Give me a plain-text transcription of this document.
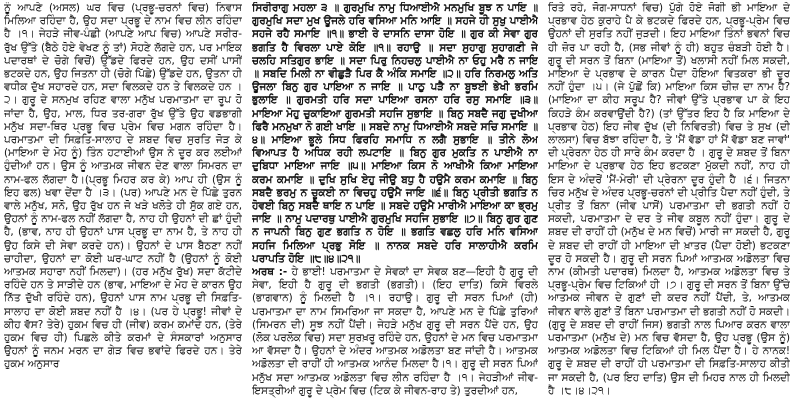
ਨੂੰ ਆਪਣੇ (ਅਸਲ) ਘਰ ਵਿਚ (ਪ੍ਰਭੂ-ਚਰਨਾਂ ਵਿਚ) ਨਿਵਾਸ ਮਿਲਿਆ ਰਹਿੰਦਾ ਹੈ, ਉਹ ਸਦਾ ਪ੍ਰਭੂ ਦੇ ਨਾਮ ਵਿਚ ਲੀਨ ਰਹਿੰਦਾ ਹੈ ।੧। ਜੇਹੜੇ ਜੀਵ-ਪੰਛੀ (ਆਪਣੇ ਆਪ ਵਿਚ) ਆਪਣੇ ਸਰੀਰ-ਰੁੱਖ ਉੱਤੇ (ਬੈਠੇ ਹੋਏ ਵੇਖਣ ਨੂੰ ਤਾਂ) ਸੋਹਣੇ ਲੱਗਦੇ ਹਨ, ਪਰ ਮਾਇਕ ਪਦਾਰਥਾਂ ਦੇ ਚੋਗੇ ਵਿਚੋਂ) ਉੱਡਦੇ ਫਿਰਦੇ ਹਨ, ਉਹ ਦਸੀਂ ਪਾਸੀਂ ਭਟਕਦੇ ਹਨ, ਉਹ ਜਿਤਨਾ ਹੀ (ਚੋਗੇ ਪਿੱਛੇ) ਉੱਡਦੇ ਹਨ, ਉਤਨਾ ਹੀ ਵਧੀਕ ਦੁੱਖ ਸਹਾਰਦੇ ਹਨ, ਸਦਾ ਵਿਲਕਦੇ ਹਨ ਤੇ ਵਿਲਕਦੇ ਹਨ ।੨। ਗੁਰੂ ਦੇ ਸਨਮੁਖ ਰਹਿਣ ਵਾਲਾ ਮਨੁੱਖ ਪਰਮਾਤਮਾ ਦਾ ਰੂਪ ਹੋ ਜਾਂਦਾ ਹੈ, ਉਹ, ਮਾਲ, ਧਿਰ ਤਰ-ਗਰਾ ਰੁੱਖ ਉੱਤੇ ਉਹ ਵਡਭਾਗੀ ਮਨੁੱਖ ਸਦਾ-ਥਿਰ ਪ੍ਰਭੂ ਵਿਚ ਪ੍ਰੇਮ ਵਿਚ ਮਗਨ ਰਹਿੰਦਾ ਹੈ। ਪਰਮਾਤਮਾ ਦੀ ਸਿਫ਼ਤਿ-ਸਾਲਾਹ ਦੇ ਸ਼ਬਦ ਵਿਚ ਸੁਰਤਿ ਜੋੜ ਕੇ (ਮਾਇਆ ਦੇ ਮੋਹ ਨੂੰ) ਤਿੰਨ ਹਟਾਈਆਂ ਉਸ ਨੇ ਦੂਰ ਕਰ ਲਈਆਂ ਹੁੰਦੀਆਂ ਹਨ। ਉਸ ਨੂੰ ਆਤਮਕ ਜੀਵਨ ਦੇਣ ਵਾਲਾ ਸਿਮਰਨ ਦਾ ਨਾਮ-ਫਲ ਲੱਗਦਾ ਹੈ।(ਪ੍ਰਭੂ ਮਿਹਰ ਕਰ ਕੇ) ਆਪ ਹੀ (ਉਸ ਨੂੰ ਇਹ ਫਲ) ਖਵਾ ਦੇਂਦਾ ਹੈ ।੩। (ਪਰ) ਆਪਣੇ ਮਨ ਦੇ ਪਿੱਛੇ ਤੁਰਨ ਵਾਲੇ ਮਨੁੱਖ, ਸਨੋ, ਉਹ ਰੁੱਖ ਹਨ ਜੋ ਖੜੇ ਖਲੋਤੇ ਹੀ ਸੁੱਕ ਗਏ ਹਨ, ਉਹਨਾਂ ਨੂੰ ਨਾਮ-ਫਲ ਨਹੀਂ ਲੱਗਦਾ ਹੈ, ਨਾਹ ਹੀ ਉਹਨਾਂ ਦੀ ਛਾਂ ਹੁੰਦੀ ਹੈ, (ਭਾਵ, ਨਾਹ ਹੀ ਉਹਨਾਂ ਪਾਸ ਪ੍ਰਭੂ ਦਾ ਨਾਮ ਹੈ, ਤੇ ਨਾਹ ਹੀ ਉਹ ਕਿਸੇ ਦੀ ਸੇਵਾ ਕਰਦੇ ਹਨ)। ਉਹਨਾਂ ਦੇ ਪਾਸ ਬੈਠਣਾ ਨਹੀਂ ਚਾਹੀਦਾ, ਉਹਨਾਂ ਦਾ ਕੋਈ ਘਰ-ਘਾਟ ਨਹੀਂ ਹੈ (ਉਹਨਾਂ ਨੂੰ ਕੋਈ ਆਤਮਕ ਸਹਾਰਾ ਨਹੀਂ ਮਿਲਦਾ)। (ਹਰ ਮਨੁੱਖ ਰੁੱਖ) ਸਦਾ ਕੱਟੀਦੇ ਰਹਿੰਦੇ ਹਨ ਤੇ ਸਾੜੀਦੇ ਹਨ (ਭਾਵ, ਮਾਇਆ ਦੇ ਮੋਹ ਦੇ ਕਾਰਨ ਉਹ ਨਿੱਤ ਦੁੱਖੀ ਰਹਿੰਦੇ ਹਨ), ਉਹਨਾਂ ਪਾਸ ਨਾਮ ਪ੍ਰਭੂ ਦੀ ਸਿਫ਼ਤਿ-ਸਾਲਾਹ ਦਾ ਕੋਈ ਸ਼ਬਦ ਨਹੀਂ ਹੈ ।੪। (ਪਰ ਹੇ ਪ੍ਰਭੂ! ਜੀਵਾਂ ਦੇ ਕੀਹ ਵੱਸ? ਤੇਰੇ) ਹੁਕਮ ਵਿਚ ਹੀ (ਜੀਵ) ਕਰਮ ਕਮਾਂਦੇ ਹਨ, (ਤੇਰੇ ਹੁਕਮ ਵਿਚ ਹੀ) ਪਿਛਲੇ ਕੀਤੇ ਕਰਮਾਂ ਦੇ ਸੰਸਕਾਰਾਂ ਅਨੁਸਾਰ ਉਹਨਾਂ ਨੂੰ ਜਨਮ ਮਰਨ ਦਾ ਗੇੜ ਵਿਚ ਭਵਾਂਦੇ ਫਿਰਦੇ ਹਨ। ਤੇਰੇ ਹੁਕਮ ਅਨੁਸਾਰ

ਸਿਰੀਰਾਗੁ ਮਹਲਾ ੩ ॥ ਗੁਰਮੁਖਿ ਨਾਮੁ ਧਿਆਈਐ ਮਨਮੁਖਿ ਬੂਝ ਨ ਪਾਇ ॥ ਗੁਰਮੁਖਿ ਸਦਾ ਮੁਖ ਊਜਲੇ ਹਰਿ ਵਸਿਆ ਮਨਿ ਆਇ ॥ ਸਹਜੇ ਹੀ ਸੁਖੁ ਪਾਈਐ ਸਹਜੇ ਰਹੈ ਸਮਾਇ ॥੧॥ ਭਾਈ ਰੇ ਦਾਸਨਿ ਦਾਸਾ ਹੋਇ ॥ ਗੁਰ ਕੀ ਸੇਵਾ ਗੁਰ ਭਗਤਿ ਹੈ ਵਿਰਲਾ ਪਾਏ ਕੋਇ ॥੧॥ ਰਹਾਉ ॥ ਸਦਾ ਸੁਹਾਗੁ ਸੁਹਾਗਣੀ ਜੇ ਚਲਹਿ ਸਤਿਗੁਰ ਭਾਇ ॥ ਸਦਾ ਪਿਰੁ ਨਿਹਚਲੁ ਪਾਈਐ ਨਾ ਓਹੁ ਮਰੈ ਨ ਜਾਇ ॥ ਸਬਦਿ ਮਿਲੀ ਨਾ ਵੀਛੁੜੈ ਪਿਰ ਕੈ ਅੰਕਿ ਸਮਾਇ ॥੨॥ ਹਰਿ ਨਿਰਮਲੁ ਅਤਿ ਊਜਲਾ ਬਿਨੁ ਗੁਰ ਪਾਇਆ ਨ ਜਾਇ ॥ ਪਾਠੁ ਪੜੈ ਨਾ ਬੂਝਈ ਭੇਖੀ ਭਰਮਿ ਭੁਲਾਇ ॥ ਗੁਰਮਤੀ ਹਰਿ ਸਦਾ ਪਾਇਆ ਰਸਨਾ ਹਰਿ ਰਸੁ ਸਮਾਇ ॥੩॥ ਮਾਇਆ ਮੋਹੁ ਚੁਕਾਇਆ ਗੁਰਮਤੀ ਸਹਜਿ ਸੁਭਾਇ ॥ ਬਿਨੁ ਸਬਦੈ ਜਗੁ ਦੁਖੀਆ ਫਿਰੈ ਮਨਮੁਖਾ ਨੋ ਗਈ ਖਾਇ ॥ ਸਬਦੇ ਨਾਮੁ ਧਿਆਈਐ ਸਬਦੇ ਸਚਿ ਸਮਾਇ ॥੪॥ ਮਾਇਆ ਭੂਲੇ ਸਿਧ ਫਿਰਹਿ ਸਮਾਧਿ ਨ ਲਗੈ ਸੁਭਾਇ ॥ ਤੀਨੇ ਲੋਅ ਵਿਆਪਤ ਹੈ ਅਧਿਕ ਰਹੀ ਲਪਟਾਇ ॥ ਬਿਨੁ ਗੁਰ ਮੁਕਤਿ ਨ ਪਾਈਐ ਨਾ ਦੁਬਿਧਾ ਮਾਇਆ ਜਾਇ ॥੫॥ ਮਾਇਆ ਕਿਸ ਨੋ ਆਖੀਐ ਕਿਆ ਮਾਇਆ ਕਰਮ ਕਮਾਇ ॥ ਦੁਖਿ ਸੁਖਿ ਏਹੁ ਜੀਉ ਬਧੁ ਹੈ ਹਉਮੈ ਕਰਮ ਕਮਾਇ ॥ ਬਿਨੁ ਸਬਦੈ ਭਰਮੁ ਨ ਚੂਕਈ ਨਾ ਵਿਚਹੁ ਹਉਮੈ ਜਾਇ ॥੬॥ ਬਿਨੁ ਪ੍ਰੀਤੀ ਭਗਤਿ ਨ ਹੋਵਈ ਬਿਨੁ ਸਬਦੈ ਥਾਇ ਨ ਪਾਇ ॥ ਸਬਦੇ ਹਉਮੈ ਮਾਰੀਐ ਮਾਇਆ ਕਾ ਭ੍ਰਮੁ ਜਾਇ ॥ ਨਾਮੁ ਪਦਾਰਥੁ ਪਾਈਐ ਗੁਰਮੁਖਿ ਸਹਜਿ ਸੁਭਾਇ ॥੭॥ ਬਿਨੁ ਗੁਰ ਗੁਣ ਨ ਜਾਪਨੀ ਬਿਨੁ ਗੁਣ ਭਗਤਿ ਨ ਹੋਇ ॥ ਭਗਤਿ ਵਛਲੁ ਹਰਿ ਮਨਿ ਵਸਿਆ ਸਹਜਿ ਮਿਲਿਆ ਪ੍ਰਭੁ ਸੋਇ ॥ ਨਾਨਕ ਸਬਦੇ ਹਰਿ ਸਾਲਾਹੀਐ ਕਰਮਿ ਪਰਾਪਤਿ ਹੋਇ ॥੮॥੪॥੨੧॥

ਅਰਥ :- ਹੇ ਭਾਈ! ਪਰਮਾਤਮਾ ਦੇ ਸੇਵਕਾਂ ਦਾ ਸੇਵਕ ਬਣ—ਇਹੀ ਹੈ ਗੁਰੂ ਦੀ ਸੇਵਾ, ਇਹੀ ਹੈ ਗੁਰੂ ਦੀ ਭਗਤੀ (ਭਗਤੀ)। (ਇਹ ਦਾਤਿ) ਕਿਸੇ ਵਿਰਲੇ (ਭਾਗਵਾਨ) ਨੂੰ ਮਿਲਦੀ ਹੈ ।੧। ਰਹਾਉ। ਗੁਰੂ ਦੀ ਸਰਨ ਪਿਆਂ (ਹੀ) ਪਰਮਾਤਮਾ ਦਾ ਨਾਮ ਸਿਮਰਿਆ ਜਾ ਸਕਦਾ ਹੈ, ਆਪਣੇ ਮਨ ਦੇ ਪਿੱਛੇ ਤੁਰਿਆਂ (ਸਿਮਰਨ ਦੀ) ਸੂਝ ਨਹੀਂ ਪੈਂਦੀ। ਜੇਹੜੇ ਮਨੁੱਖ ਗੁਰੂ ਦੀ ਸਰਨ ਪੈਂਦੇ ਹਨ, ਉਹ (ਲੋਕ ਪਰਲੋਕ ਵਿਚ) ਸਦਾ ਸੁਰਖ਼ਰੂ ਰਹਿੰਦੇ ਹਨ, ਉਹਨਾਂ ਦੇ ਮਨ ਵਿਚ ਪਰਮਾਤਮਾ ਆ ਵੱਸਦਾ ਹੈ। ਉਹਨਾਂ ਦੇ ਅੰਦਰ ਆਤਮਕ ਅਡੋਲਤਾ ਬਣ ਜਾਂਦੀ ਹੈ। ਆਤਮਕ ਅਡੋਲਤਾ ਦੀ ਰਾਹੀਂ ਹੀ ਆਤਮਕ ਆਨੰਦ ਮਿਲਦਾ ਹੈ।੧। ਗੁਰੂ ਦੀ ਸਰਨ ਪਿਆਂ ਮਨੁੱਖ ਸਦਾ ਆਤਮਕ ਅਡੋਲਤਾ ਵਿਚ ਲੀਨ ਰਹਿੰਦਾ ਹੈ ।੧। ਜੇਹੜੀਆਂ ਜੀਵ-ਇਸਤ੍ਰੀਆਂ ਗੁਰੂ ਦੇ ਪ੍ਰੇਮ ਵਿਚ (ਟਿਕ ਕੇ ਜੀਵਨ-ਰਾਹ ਤੇ) ਤੁਰਦੀਆਂ ਹਨ,

ਰਿਤੇ ਰਹੇ, ਜੋਗ-ਸਾਧਨਾਂ ਵਿਚ) ਪੁੱਗੇ ਹੋਏ ਜੋਗੀ ਭੀ ਮਾਇਆ ਦੇ ਪ੍ਰਭਾਵ ਹੇਠ ਕੁਰਾਹੇ ਪੈ ਕੇ ਭਟਕਦੇ ਫਿਰਦੇ ਹਨ, ਪ੍ਰਭੂ-ਪ੍ਰੇਮ ਵਿਚ ਉਹਨਾਂ ਦੀ ਸੁਰਤਿ ਨਹੀਂ ਜੁੜਦੀ। ਇਹ ਮਾਇਆ ਤਿੰਨਾਂ ਭਵਨਾਂ ਵਿਚ ਹੀ ਜ਼ੋਰ ਪਾ ਰਹੀ ਹੈ, (ਸਭ ਜੀਵਾਂ ਨੂੰ ਹੀ) ਬਹੁਤ ਚੰਬੜੀ ਹੋਈ ਹੈ। ਗੁਰੂ ਦੀ ਸਰਨ ਤੋਂ ਬਿਨਾ (ਮਾਇਆ ਤੋਂ) ਖਲਾਸੀ ਨਹੀਂ ਮਿਲ ਸਕਦੀ, ਮਾਇਆ ਦੇ ਪ੍ਰਭਾਵ ਦੇ ਕਾਰਨ ਪੈਦਾ ਹੋਇਆ ਵਿਤਕਰਾ ਭੀ ਦੂਰ ਨਹੀਂ ਹੁੰਦਾ ।੫। (ਜੇ ਪੁੱਛੋਂ ਕਿ) ਮਾਇਆ ਕਿਸ ਚੀਜ਼ ਦਾ ਨਾਮ ਹੈ? (ਮਾਇਆ ਦਾ ਕੀਹ ਸਰੂਪ ਹੈ? ਜੀਵਾਂ ਉੱਤੇ ਪ੍ਰਭਾਵ ਪਾ ਕੇ ਇਹ ਕਿਹੜੇ ਕੰਮ ਕਰਵਾਉਂਦੀ ਹੈ?) (ਤਾਂ ਉੱਤਰ ਇਹ ਹੈ ਕਿ ਮਾਇਆ ਦੇ ਪ੍ਰਭਾਵ ਹੇਠ) ਇਹ ਜੀਵ ਦੁੱਖ (ਦੀ ਨਿਵਿਰਤੀ) ਵਿਚ ਤੇ ਸੁਖ (ਦੀ ਲਾਲਸਾ) ਵਿਚ ਬੱਝਾ ਰਹਿੰਦਾ ਹੈ, ਤੇ 'ਮੈਂ ਵੱਡਾ ਹਾਂ ਮੈਂ ਵੱਡਾ ਬਣ ਜਾਵਾਂ' ਦੀ ਪ੍ਰੇਰਨਾ ਹੇਠ ਹੀ ਸਾਰੇ ਕੰਮ ਕਰਦਾ ਹੈ । ਗੁਰੂ ਦੇ ਸ਼ਬਦ ਤੋਂ ਬਿਨਾ ਮਾਇਆ ਦੇ ਪ੍ਰਭਾਵ ਹੇਠ ਇਹ ਭਟਕਣਾ ਮੁੱਕਦੀ ਨਹੀਂ, ਨਾਹ ਹੀ ਇਸ ਦੇ ਅੰਦਰੋਂ 'ਮੈਂ-ਮੇਰੀ' ਦੀ ਪ੍ਰੇਰਨਾ ਦੂਰ ਹੁੰਦੀ ਹੈ ।੬। ਜਿਤਨਾ ਚਿਰ ਮਨੁੱਖ ਦੇ ਅੰਦਰ ਪ੍ਰਭੂ-ਚਰਨਾਂ ਦੀ ਪ੍ਰੀਤਿ ਪੈਦਾ ਨਹੀਂ ਹੁੰਦੀ, ਤੇ ਪ੍ਰੀਤ ਤੋਂ ਬਿਨਾ (ਜੀਵ ਪਾਸੋਂ) ਪਰਮਾਤਮਾ ਦੀ ਭਗਤੀ ਨਹੀਂ ਹੋ ਸਕਦੀ, ਪਰਮਾਤਮਾ ਦੇ ਦਰ ਤੇ ਜੀਵ ਕਬੂਲ ਨਹੀਂ ਹੁੰਦਾ। ਗੁਰੂ ਦੇ ਸ਼ਬਦ ਦੀ ਰਾਹੀਂ ਹੀ (ਮਨੁੱਖ ਦੇ ਮਨ ਵਿਚੋਂ) ਮਾਰੀ ਜਾ ਸਕਦੀ ਹੈ, ਗੁਰੂ ਦੇ ਸ਼ਬਦ ਦੀ ਰਾਹੀਂ ਹੀ ਮਾਇਆ ਦੀ ਖ਼ਾਤਰ (ਪੈਦਾ ਹੋਈ) ਭਟਕਣਾ ਦੂਰ ਹੋ ਸਕਦੀ ਹੈ। ਗੁਰੂ ਦੀ ਸਰਨ ਪਿਆਂ ਆਤਮਕ ਅਡੋਲਤਾ ਵਿਚ ਨਾਮ (ਕੀਮਤੀ ਪਦਾਰਥ) ਮਿਲਦਾ ਹੈ, ਆਤਮਕ ਅਡੋਲਤਾ ਵਿਚ ਤੇ ਪ੍ਰਭੂ-ਪ੍ਰੇਮ ਵਿਚ ਟਿਕਿਆਂ ਹੀ ।੭। ਗੁਰੂ ਦੀ ਸਰਨ ਤੋਂ ਬਿਨਾ ਉੱਚੇ ਆਤਮਕ ਜੀਵਨ ਦੇ ਗੁਣਾਂ ਦੀ ਕਦਰ ਨਹੀਂ ਪੈਂਦੀ, ਤੇ, ਆਤਮਕ ਜੀਵਨ ਵਾਲੇ ਗੁਣਾਂ ਤੋਂ ਬਿਨਾ ਪਰਮਾਤਮਾ ਦੀ ਭਗਤੀ ਨਹੀਂ ਹੋ ਸਕਦੀ। (ਗੁਰੂ ਦੇ ਸ਼ਬਦ ਦੀ ਰਾਹੀਂ ਜਿਸ) ਭਗਤੀ ਨਾਲ ਪਿਆਰ ਕਰਨ ਵਾਲਾ ਪਰਮਾਤਮਾ (ਮਨੁੱਖ ਦੇ) ਮਨ ਵਿਚ ਵੱਸਦਾ ਹੈ, ਉਹ ਪ੍ਰਭੂ (ਉਸ ਨੂੰ) ਆਤਮਕ ਅਡੋਲਤਾ ਵਿਚ ਟਿਕਿਆਂ ਹੀ ਮਿਲ ਪੈਂਦਾ ਹੈ। ਹੇ ਨਾਨਕ! ਗੁਰੂ ਦੇ ਸ਼ਬਦ ਦੀ ਰਾਹੀਂ ਹੀ ਪਰਮਾਤਮਾ ਦੀ ਸਿਫ਼ਤਿ-ਸਾਲਾਹ ਕੀਤੀ ਜਾ ਸਕਦੀ ਹੈ, (ਪਰ ਇਹ ਦਾਤਿ) ਉਸ ਦੀ ਮਿਹਰ ਨਾਲ ਹੀ ਮਿਲਦੀ ਹੈ ।੮।੪।੨੧।
